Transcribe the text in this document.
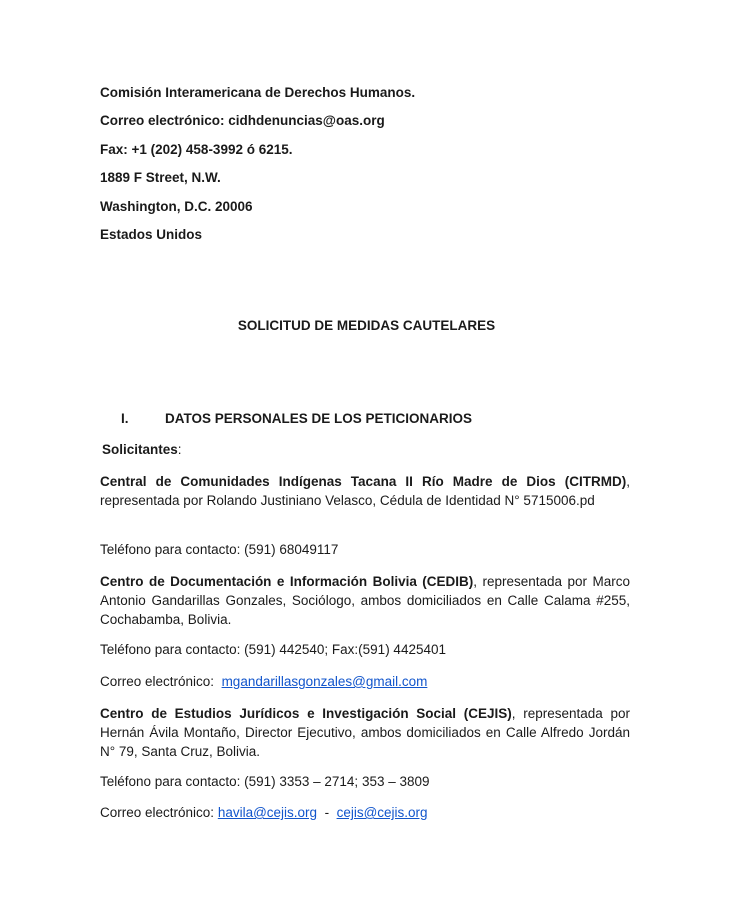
Comisión Interamericana de Derechos Humanos.
Correo electrónico: cidhdenuncias@oas.org
Fax: +1 (202) 458-3992 ó 6215.
1889 F Street, N.W.
Washington, D.C. 20006
Estados Unidos
SOLICITUD DE MEDIDAS CAUTELARES
I.	DATOS PERSONALES DE LOS PETICIONARIOS
Solicitantes:
Central de Comunidades Indígenas Tacana II Río Madre de Dios (CITRMD), representada por Rolando Justiniano Velasco, Cédula de Identidad N° 5715006.pd
Teléfono para contacto: (591) 68049117
Centro de Documentación e Información Bolivia (CEDIB), representada por Marco Antonio Gandarillas Gonzales, Sociólogo, ambos domiciliados en Calle Calama #255, Cochabamba, Bolivia.
Teléfono para contacto: (591) 442540; Fax:(591) 4425401
Correo electrónico:  mgandarillasgonzales@gmail.com
Centro de Estudios Jurídicos e Investigación Social (CEJIS), representada por Hernán Ávila Montaño, Director Ejecutivo, ambos domiciliados en Calle Alfredo Jordán N° 79, Santa Cruz, Bolivia.
Teléfono para contacto: (591) 3353 – 2714; 353 – 3809
Correo electrónico: havila@cejis.org  -  cejis@cejis.org
